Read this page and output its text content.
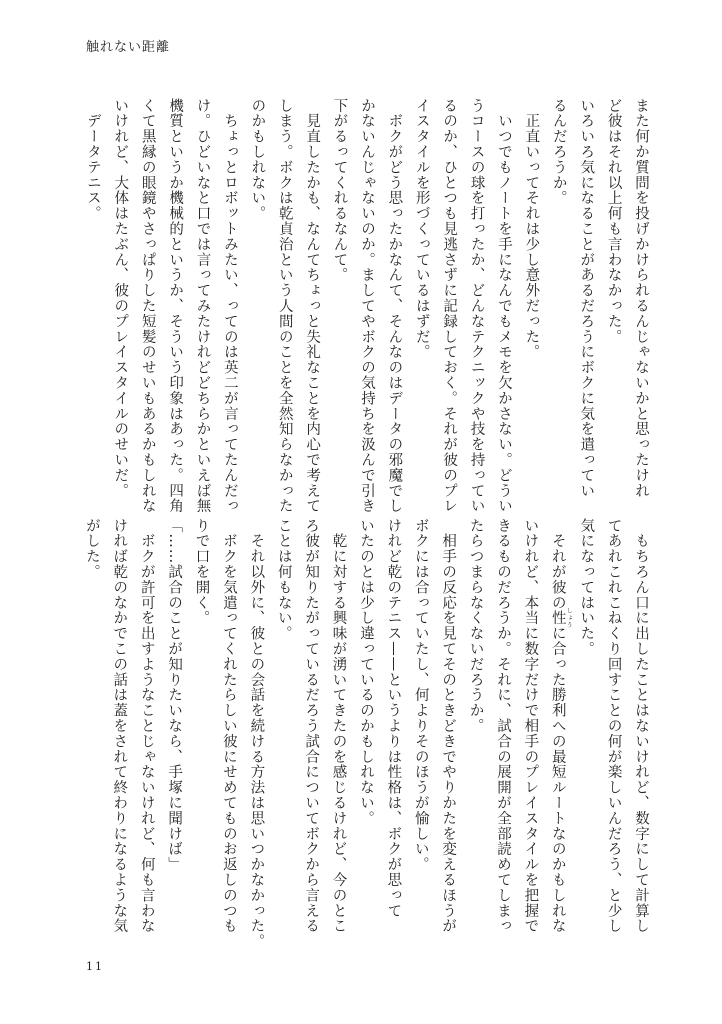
触れない距離
また何か質問を投げかけられるんじゃないかと思ったけれ
ど彼はそれ以上何も言わなかった。
いろいろ気になることがあるだろうにボクに気を遣ってい
るんだろうか。
　正直いってそれは少し意外だった。
　いつでもノートを手になんでもメモを欠かさない。どうい
うコースの球を打ったか、どんなテクニックや技を持ってい
るのか、ひとつも見逃さずに記録しておく。それが彼のプレ
イスタイルを形づくっているはずだ。
　ボクがどう思ったかなんて、そんなのはデータの邪魔でし
かないんじゃないのか。ましてやボクの気持ちを汲んで引き
下がるってくれるなんて。
　見直したかも、なんてちょっと失礼なことを内心で考えて
しまう。ボクは乾貞治という人間のことを全然知らなかった
のかもしれない。
　ちょっとロボットみたい、ってのは英二が言ってたんだっ
け。ひどいなと口では言ってみたけれどどちらかといえば無
機質というか機械的というか、そういう印象はあった。四角
くて黒縁の眼鏡やさっぱりした短髪のせいもあるかもしれな
いけれど、大体はたぶん、彼のプレイスタイルのせいだ。
　データテニス。
　もちろん口に出したことはないけれど、数字にして計算し
てあれこれこねくり回すことの何が楽しいんだろう、と少し
気になってはいた。
　それが彼の性 しょうに合った勝利への最短ルートなのかもしれな
いけれど、本当に数字だけで相手のプレイスタイルを把握で
きるものだろうか。それに、試合の展開が全部読めてしまっ
たらつまらなくないだろうか。
　相手の反応を見てそのときどきでやりかたを変えるほうが
ボクには合っていたし、何よりそのほうが愉しい。
けれど乾のテニス——というよりは性格は、ボクが思って
いたのとは少し違っているのかもしれない。
　乾に対する興味が湧いてきたのを感じるけれど、今のとこ
ろ彼が知りたがっているだろう試合についてボクから言える
ことは何もない。
　それ以外に、彼との会話を続ける方法は思いつかなかった。
　ボクを気遣ってくれたらしい彼にせめてものお返しのつも
りで口を開く。
「……試合のことが知りたいなら、手塚に聞けば」
　ボクが許可を出すようなことじゃないけれど、何も言わな
ければ乾のなかでこの話は蓋をされて終わりになるような気
がした。
11
